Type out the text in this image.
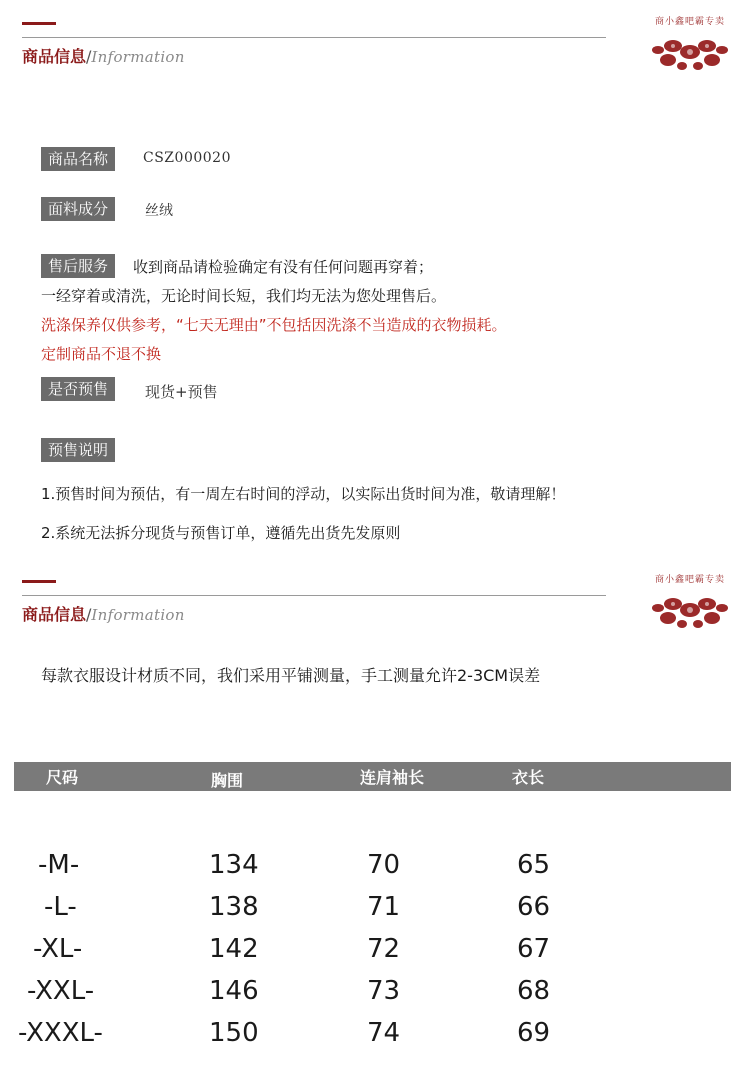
商品信息/Information
商小鑫吧霸专卖
商品名称	CSZ000020
面料成分	丝绒
售后服务	收到商品请检验确定有没有任何问题再穿着；
一经穿着或清洗，无论时间长短，我们均无法为您处理售后。
洗涤保养仅供参考，“七天无理由”不包括因洗涤不当造成的衣物损耗。
定制商品不退不换
是否预售	现货+预售
预售说明
1.预售时间为预估，有一周左右时间的浮动，以实际出货时间为准，敬请理解！
2.系统无法拆分现货与预售订单，遵循先出货先发原则
商品信息/Information
商小鑫吧霸专卖
每款衣服设计材质不同，我们采用平铺测量，手工测量允许2-3CM误差
尺码	胸围	连肩袖长	衣长
-M-	134	70	65
-L-	138	71	66
-XL-	142	72	67
-XXL-	146	73	68
-XXXL-	150	74	69
